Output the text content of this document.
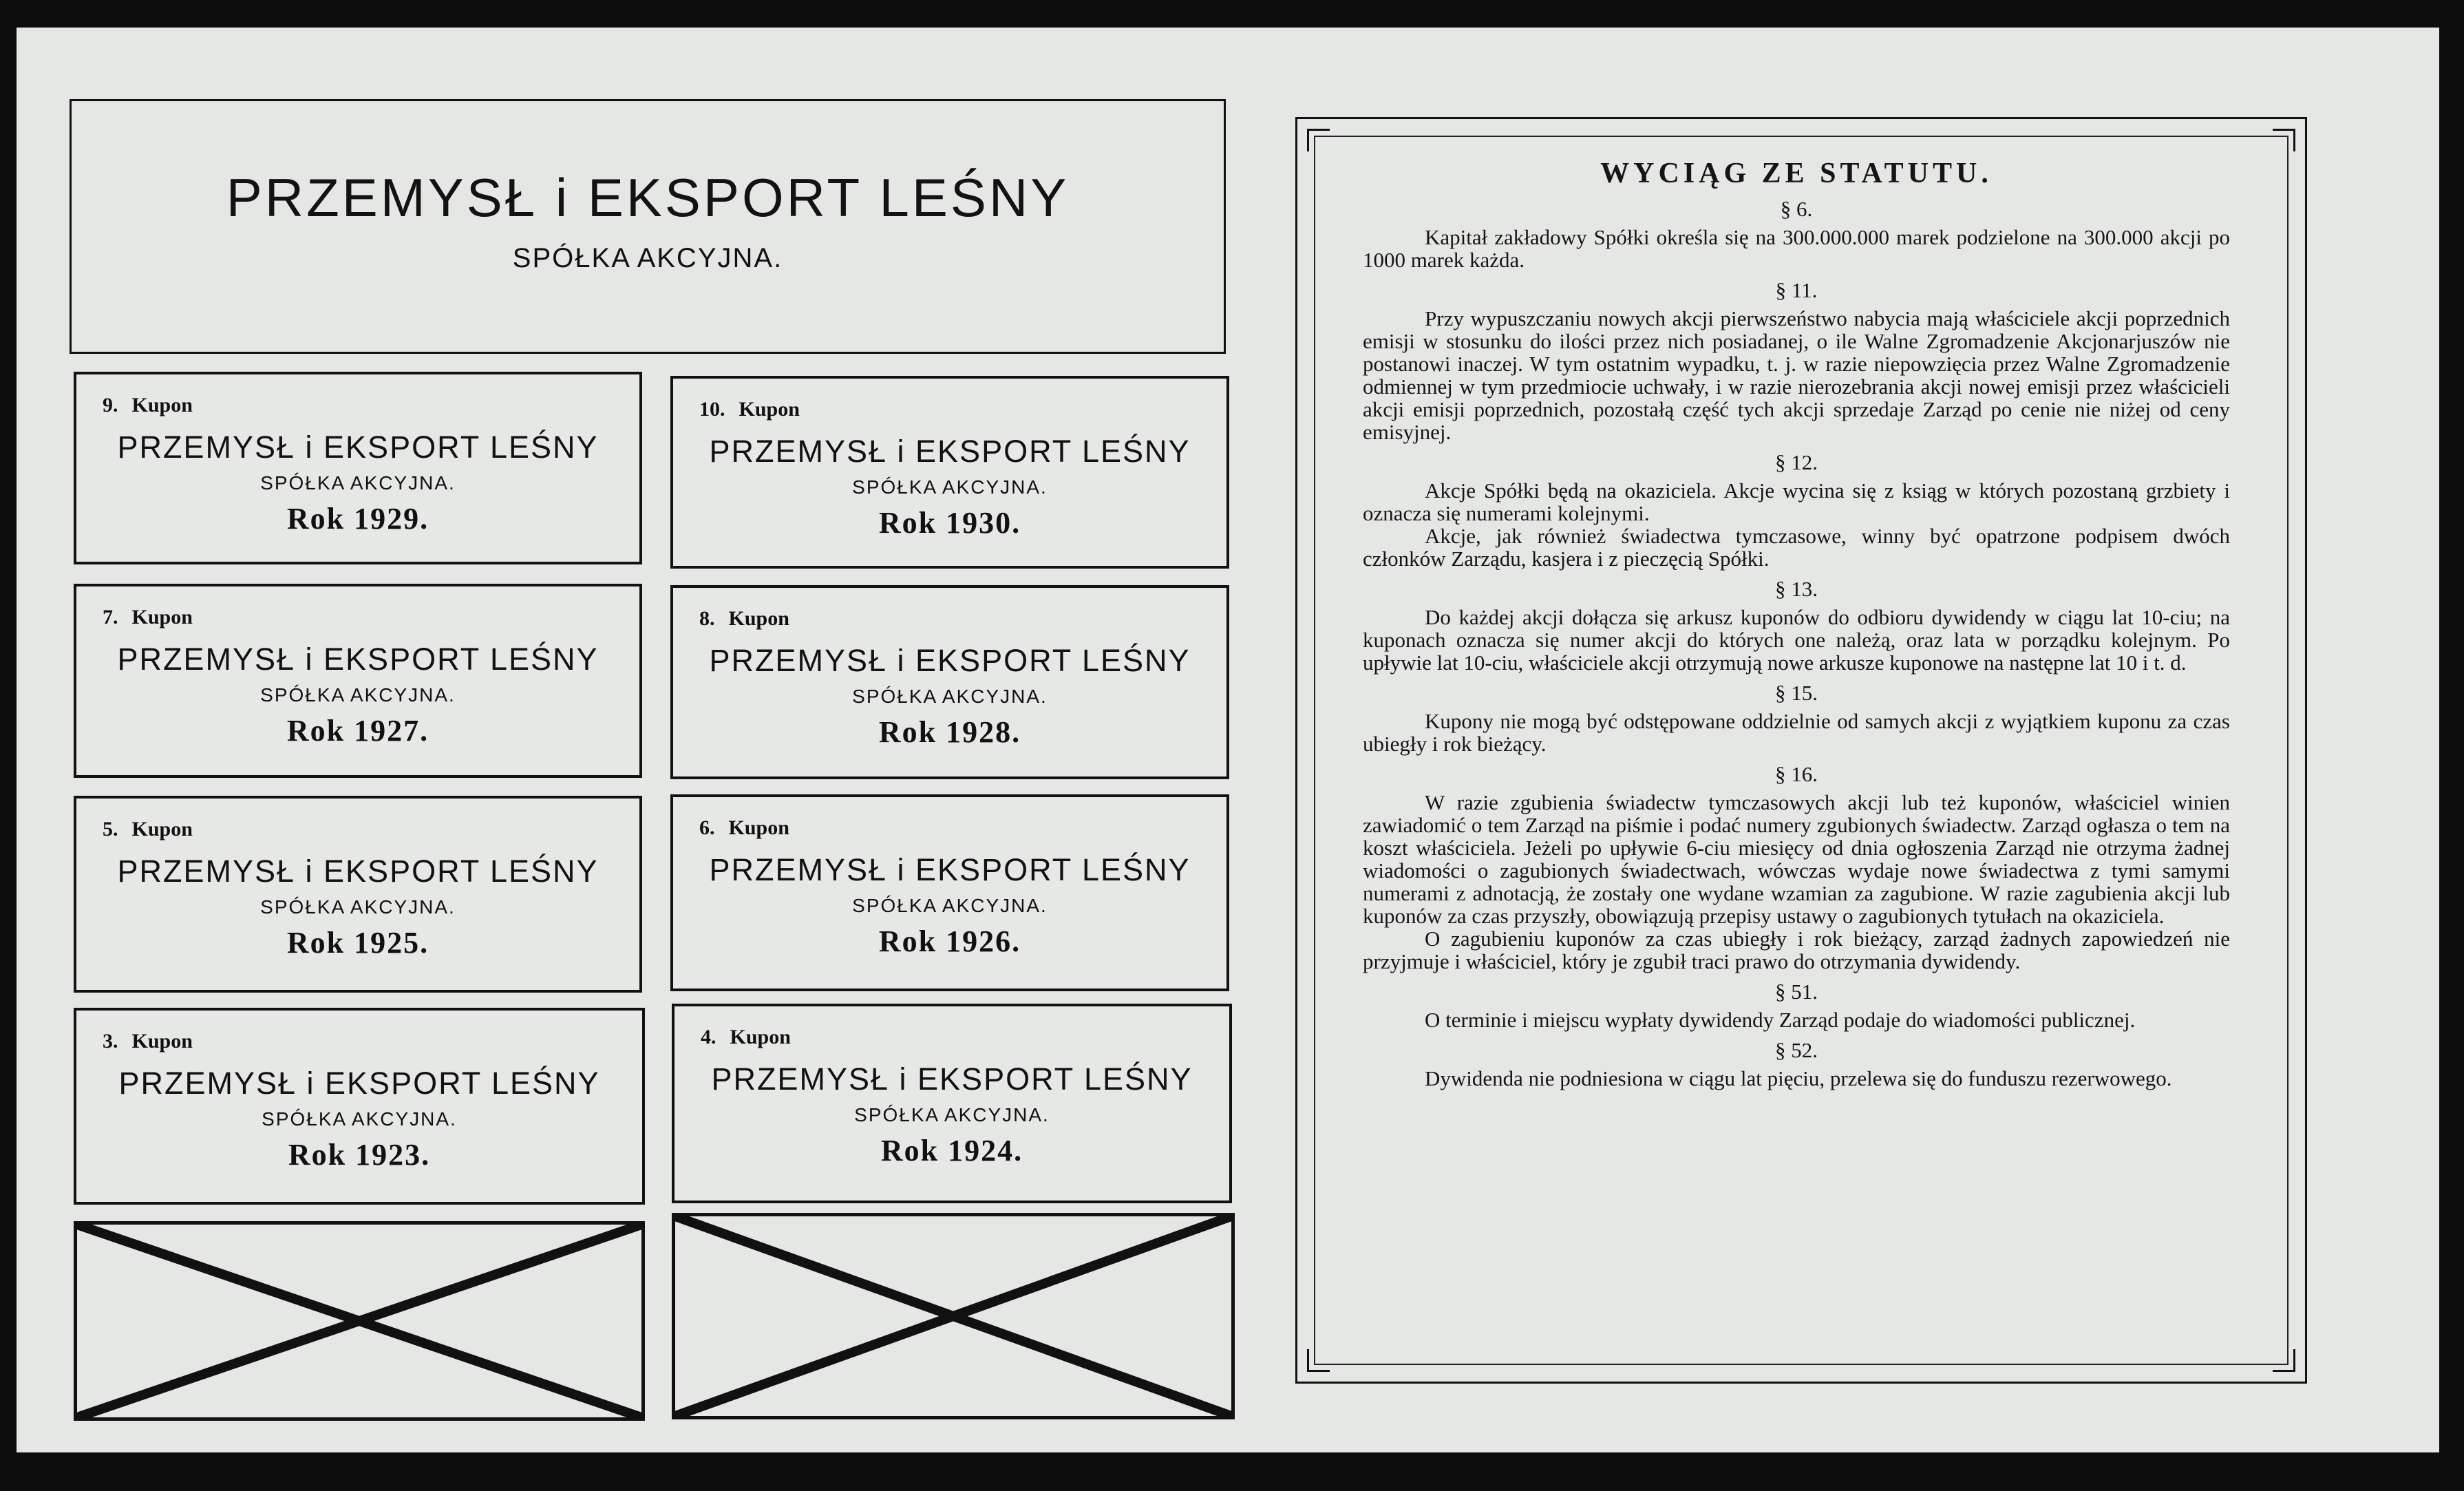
PRZEMYSŁ i EKSPORT LEŚNY
SPÓŁKA AKCYJNA.
9. Kupon
PRZEMYSŁ i EKSPORT LEŚNY
SPÓŁKA AKCYJNA.
Rok 1929.
10. Kupon
PRZEMYSŁ i EKSPORT LEŚNY
SPÓŁKA AKCYJNA.
Rok 1930.
7. Kupon
PRZEMYSŁ i EKSPORT LEŚNY
SPÓŁKA AKCYJNA.
Rok 1927.
8. Kupon
PRZEMYSŁ i EKSPORT LEŚNY
SPÓŁKA AKCYJNA.
Rok 1928.
5. Kupon
PRZEMYSŁ i EKSPORT LEŚNY
SPÓŁKA AKCYJNA.
Rok 1925.
6. Kupon
PRZEMYSŁ i EKSPORT LEŚNY
SPÓŁKA AKCYJNA.
Rok 1926.
3. Kupon
PRZEMYSŁ i EKSPORT LEŚNY
SPÓŁKA AKCYJNA.
Rok 1923.
4. Kupon
PRZEMYSŁ i EKSPORT LEŚNY
SPÓŁKA AKCYJNA.
Rok 1924.
WYCIĄG ZE STATUTU.
§ 6.

Kapitał zakładowy Spółki określa się na 300.000.000 marek podzielone na 300.000 akcji po 1000 marek każda.

§ 11.

Przy wypuszczaniu nowych akcji pierwszeństwo nabycia mają właściciele akcji poprzednich emisji w stosunku do ilości przez nich posiadanej, o ile Walne Zgromadzenie Akcjonarjuszów nie postanowi inaczej. W tym ostatnim wypadku, t. j. w razie niepowzięcia przez Walne Zgromadzenie odmiennej w tym przedmiocie uchwały, i w razie nierozebrania akcji nowej emisji przez właścicieli akcji emisji poprzednich, pozostałą część tych akcji sprzedaje Zarząd po cenie nie niżej od ceny emisyjnej.

§ 12.

Akcje Spółki będą na okaziciela. Akcje wycina się z ksiąg w których pozostaną grzbiety i oznacza się numerami kolejnymi.

Akcje, jak również świadectwa tymczasowe, winny być opatrzone podpisem dwóch członków Zarządu, kasjera i z pieczęcią Spółki.

§ 13.

Do każdej akcji dołącza się arkusz kuponów do odbioru dywidendy w ciągu lat 10-ciu; na kuponach oznacza się numer akcji do których one należą, oraz lata w porządku kolejnym. Po upływie lat 10-ciu, właściciele akcji otrzymują nowe arkusze kuponowe na następne lat 10 i t. d.

§ 15.

Kupony nie mogą być odstępowane oddzielnie od samych akcji z wyjątkiem kuponu za czas ubiegły i rok bieżący.

§ 16.

W razie zgubienia świadectw tymczasowych akcji lub też kuponów, właściciel winien zawiadomić o tem Zarząd na piśmie i podać numery zgubionych świadectw. Zarząd ogłasza o tem na koszt właściciela. Jeżeli po upływie 6-ciu miesięcy od dnia ogłoszenia Zarząd nie otrzyma żadnej wiadomości o zagubionych świadectwach, wówczas wydaje nowe świadectwa z tymi samymi numerami z adnotacją, że zostały one wydane wzamian za zagubione. W razie zagubienia akcji lub kuponów za czas przyszły, obowiązują przepisy ustawy o zagubionych tytułach na okaziciela.

O zagubieniu kuponów za czas ubiegły i rok bieżący, zarząd żadnych zapowiedzeń nie przyjmuje i właściciel, który je zgubił traci prawo do otrzymania dywidendy.

§ 51.

O terminie i miejscu wypłaty dywidendy Zarząd podaje do wiadomości publicznej.

§ 52.

Dywidenda nie podniesiona w ciągu lat pięciu, przelewa się do funduszu rezerwowego.
